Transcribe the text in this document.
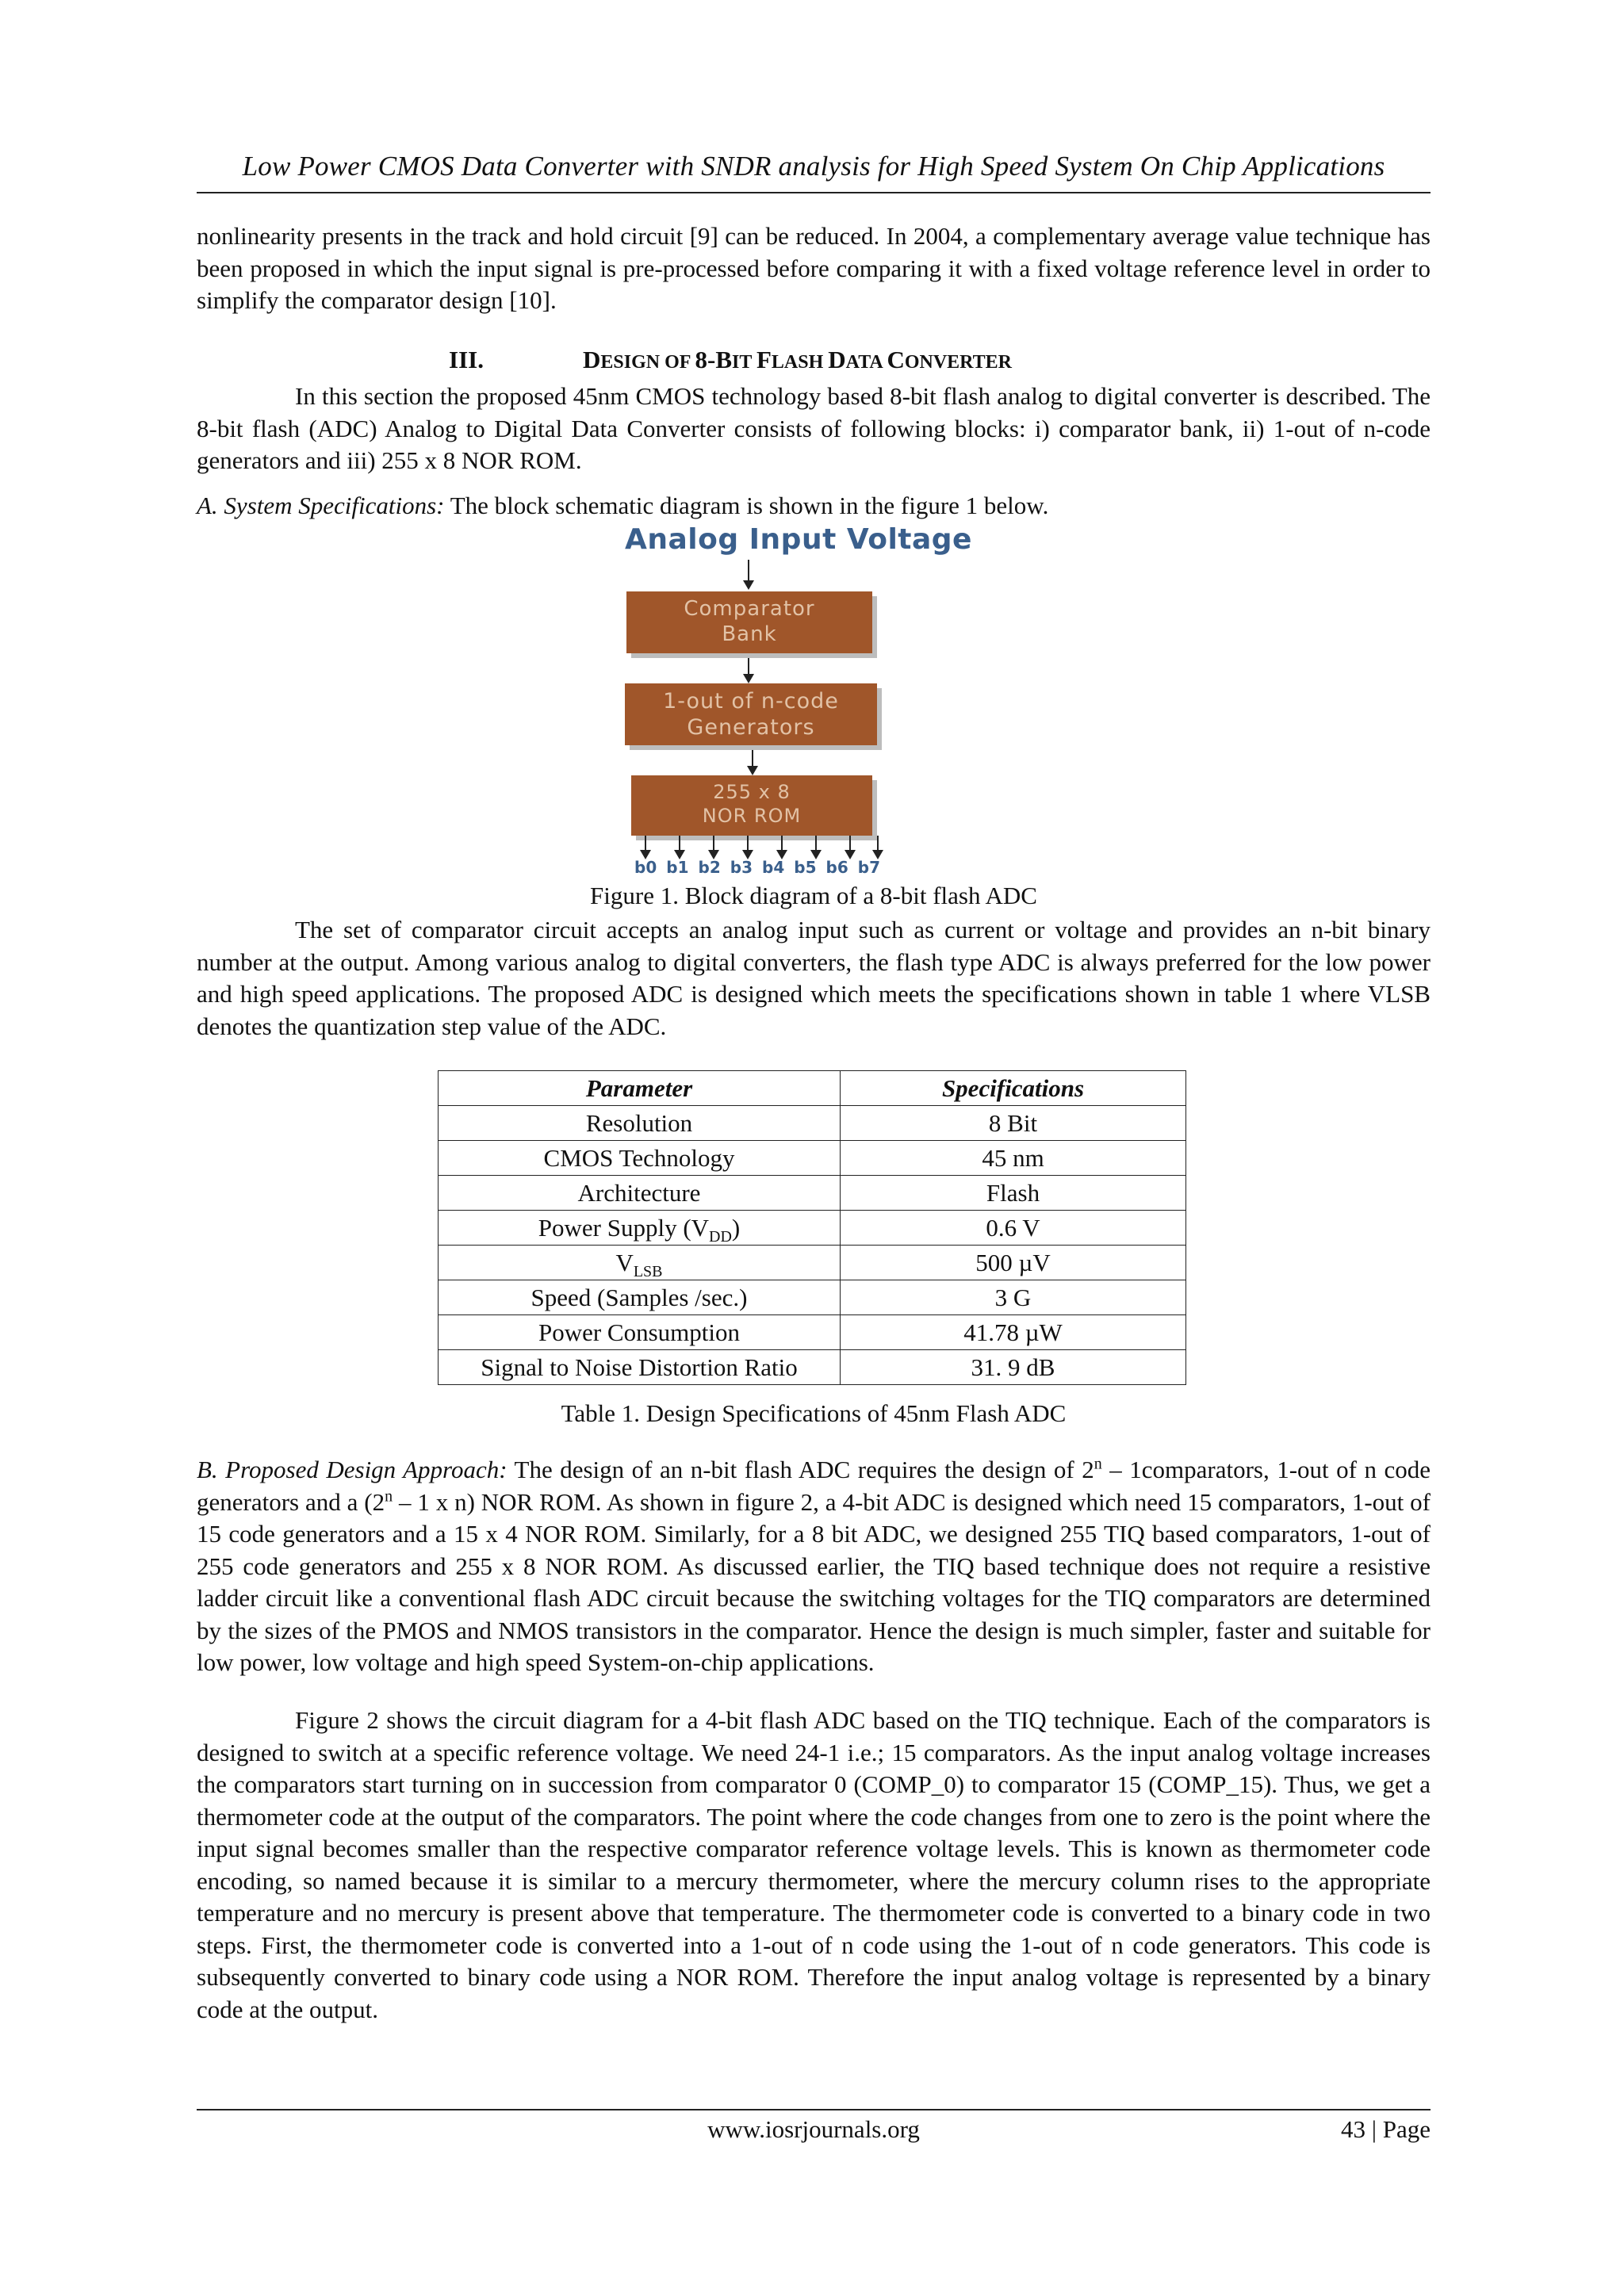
Low Power CMOS Data Converter with SNDR analysis for High Speed System On Chip Applications

nonlinearity presents in the track and hold circuit [9] can be reduced. In 2004, a complementary average value technique has been proposed in which the input signal is pre-processed before comparing it with a fixed voltage reference level in order to simplify the comparator design [10].

III.	DESIGN OF 8-BIT FLASH DATA CONVERTER

In this section the proposed 45nm CMOS technology based 8-bit flash analog to digital converter is described. The 8-bit flash (ADC) Analog to Digital Data Converter consists of following blocks: i) comparator bank, ii) 1-out of n-code generators and iii) 255 x 8 NOR ROM.

A. System Specifications: The block schematic diagram is shown in the figure 1 below.

Analog Input Voltage
Comparator
Bank
1-out of n-code
Generators
255 x 8
NOR ROM
b0 b1 b2 b3 b4 b5 b6 b7
Figure 1. Block diagram of a 8-bit flash ADC

The set of comparator circuit accepts an analog input such as current or voltage and provides an n-bit binary number at the output. Among various analog to digital converters, the flash type ADC is always preferred for the low power and high speed applications. The proposed ADC is designed which meets the specifications shown in table 1 where VLSB denotes the quantization step value of the ADC.

Parameter	Specifications
Resolution	8 Bit
CMOS Technology	45 nm
Architecture	Flash
Power Supply $(V_{DD})$	0.6 V
$V_{LSB}$	500 µV
Speed (Samples /sec.)	3 G
Power Consumption	41.78 µW
Signal to Noise Distortion Ratio	31. 9 dB
Table 1. Design Specifications of 45nm Flash ADC

B. Proposed Design Approach: The design of an n-bit flash ADC requires the design of 2$^n$ – 1comparators, 1-out of n code generators and a (2$^n$ – 1 x n) NOR ROM. As shown in figure 2, a 4-bit ADC is designed which need 15 comparators, 1-out of 15 code generators and a 15 x 4 NOR ROM. Similarly, for a 8 bit ADC, we designed 255 TIQ based comparators, 1-out of 255 code generators and 255 x 8 NOR ROM. As discussed earlier, the TIQ based technique does not require a resistive ladder circuit like a conventional flash ADC circuit because the switching voltages for the TIQ comparators are determined by the sizes of the PMOS and NMOS transistors in the comparator. Hence the design is much simpler, faster and suitable for low power, low voltage and high speed System-on-chip applications.

Figure 2 shows the circuit diagram for a 4-bit flash ADC based on the TIQ technique. Each of the comparators is designed to switch at a specific reference voltage. We need 24-1 i.e.; 15 comparators. As the input analog voltage increases the comparators start turning on in succession from comparator 0 (COMP_0) to comparator 15 (COMP_15). Thus, we get a thermometer code at the output of the comparators. The point where the code changes from one to zero is the point where the input signal becomes smaller than the respective comparator reference voltage levels. This is known as thermometer code encoding, so named because it is similar to a mercury thermometer, where the mercury column rises to the appropriate temperature and no mercury is present above that temperature. The thermometer code is converted to a binary code in two steps. First, the thermometer code is converted into a 1-out of n code using the 1-out of n code generators. This code is subsequently converted to binary code using a NOR ROM. Therefore the input analog voltage is represented by a binary code at the output.

www.iosrjournals.org	43 | Page
